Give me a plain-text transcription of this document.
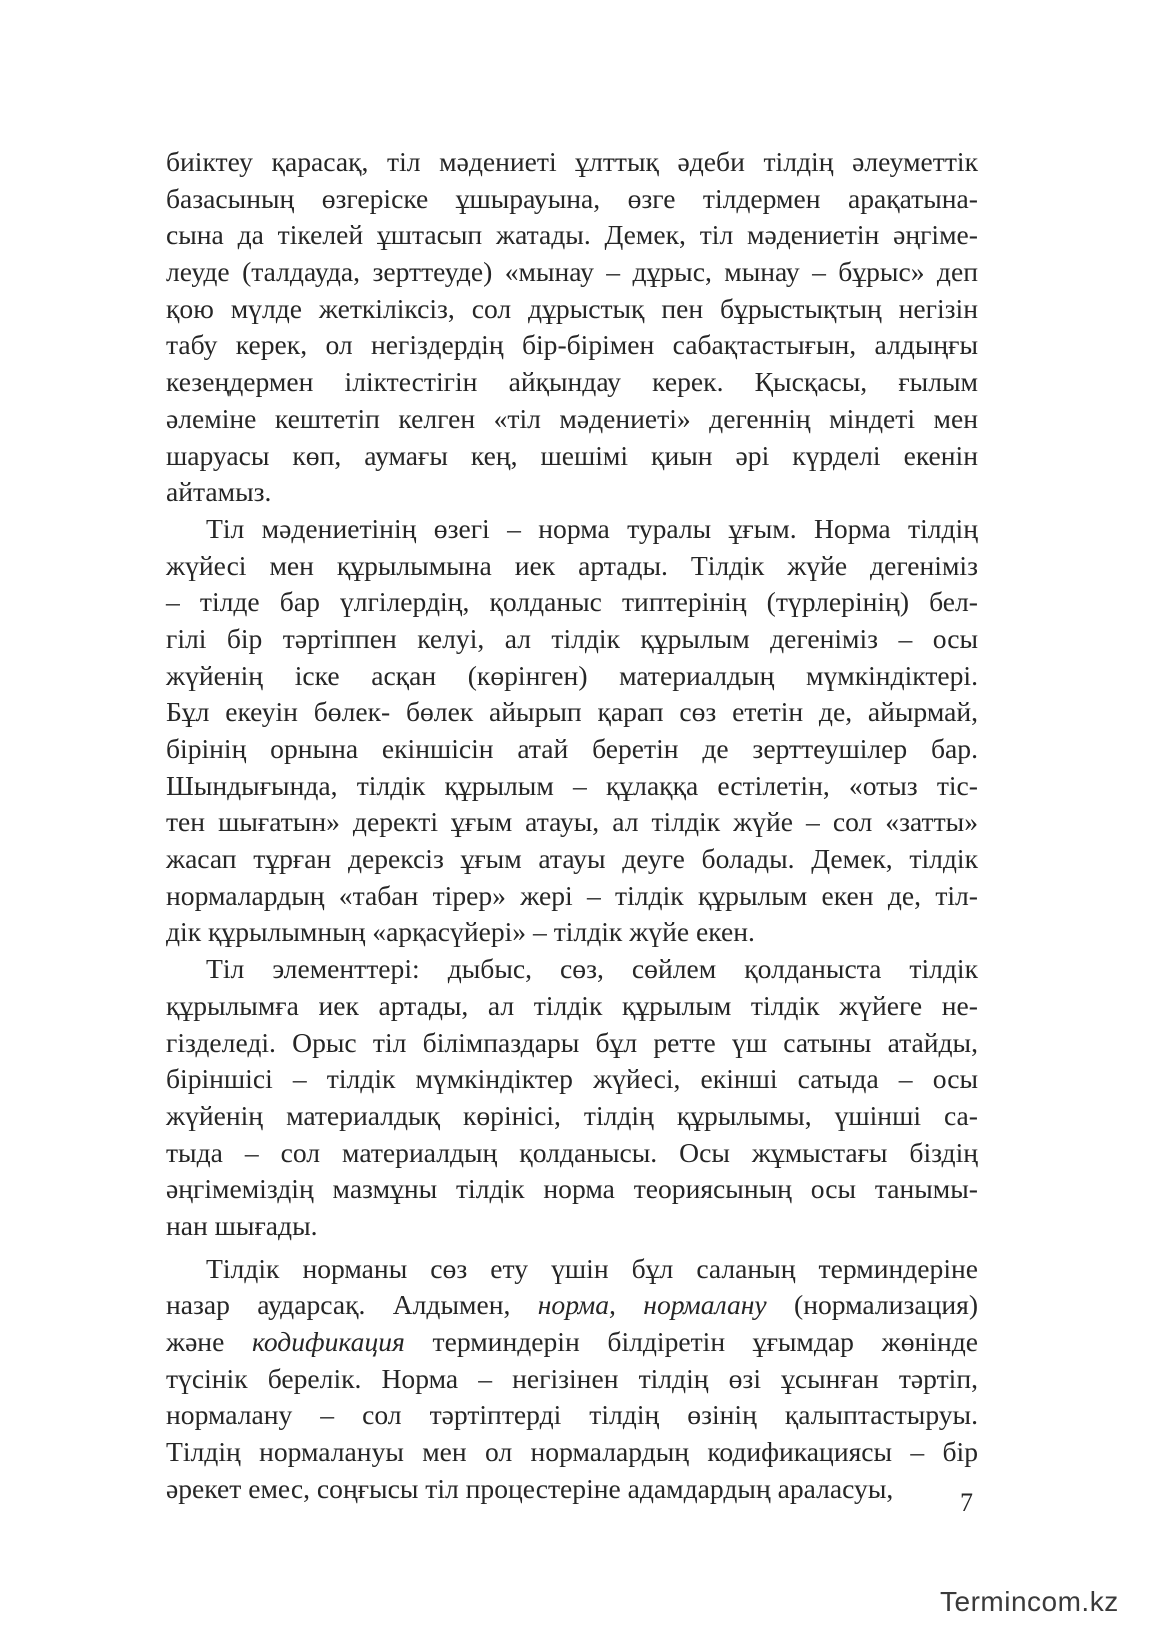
биіктеу қарасақ, тіл мәдениеті ұлттық әдеби тілдің әлеуметтік
базасының өзгеріске ұшырауына, өзге тілдермен арақатына-
сына да тікелей ұштасып жатады. Демек, тіл мәдениетін әңгіме-
леуде (талдауда, зерттеуде) «мынау – дұрыс, мынау – бұрыс» деп
қою мүлде жеткіліксіз, сол дұрыстық пен бұрыстықтың негізін
табу керек, ол негіздердің бір-бірімен сабақтастығын, алдыңғы
кезеңдермен іліктестігін айқындау керек. Қысқасы, ғылым
әлеміне кештетіп келген «тіл мәдениеті» дегеннің міндеті мен
шаруасы көп, аумағы кең, шешімі қиын әрі күрделі екенін
айтамыз.

Тіл мәдениетінің өзегі – норма туралы ұғым. Норма тілдің
жүйесі мен құрылымына иек артады. Тілдік жүйе дегеніміз
– тілде бар үлгілердің, қолданыс типтерінің (түрлерінің) бел-
гілі бір тәртіппен келуі, ал тілдік құрылым дегеніміз – осы
жүйенің іске асқан (көрінген) материалдың мүмкіндіктері.
Бұл екеуін бөлек- бөлек айырып қарап сөз ететін де, айырмай,
бірінің орнына екіншісін атай беретін де зерттеушілер бар.
Шындығында, тілдік құрылым – құлаққа естілетін, «отыз тіс-
тен шығатын» деректі ұғым атауы, ал тілдік жүйе – сол «затты»
жасап тұрған дерексіз ұғым атауы деуге болады. Демек, тілдік
нормалардың «табан тірер» жері – тілдік құрылым екен де, тіл-
дік құрылымның «арқасүйері» – тілдік жүйе екен.

Тіл элементтері: дыбыс, сөз, сөйлем қолданыста тілдік
құрылымға иек артады, ал тілдік құрылым тілдік жүйеге не-
гізделеді. Орыс тіл білімпаздары бұл ретте үш сатыны атайды,
біріншісі – тілдік мүмкіндіктер жүйесі, екінші сатыда – осы
жүйенің материалдық көрінісі, тілдің құрылымы, үшінші са-
тыда – сол материалдың қолданысы. Осы жұмыстағы біздің
әңгімеміздің мазмұны тілдік норма теориясының осы танымы-
нан шығады.

Тілдік норманы сөз ету үшін бұл саланың терминдеріне
назар аударсақ. Алдымен, норма, нормалану (нормализация)
және кодификация терминдерін білдіретін ұғымдар жөнінде
түсінік берелік. Норма – негізінен тілдің өзі ұсынған тәртіп,
нормалану – сол тәртіптерді тілдің өзінің қалыптастыруы.
Тілдің нормалануы мен ол нормалардың кодификациясы – бір
әрекет емес, соңғысы тіл процестеріне адамдардың араласуы,	7
Termincom.kz
